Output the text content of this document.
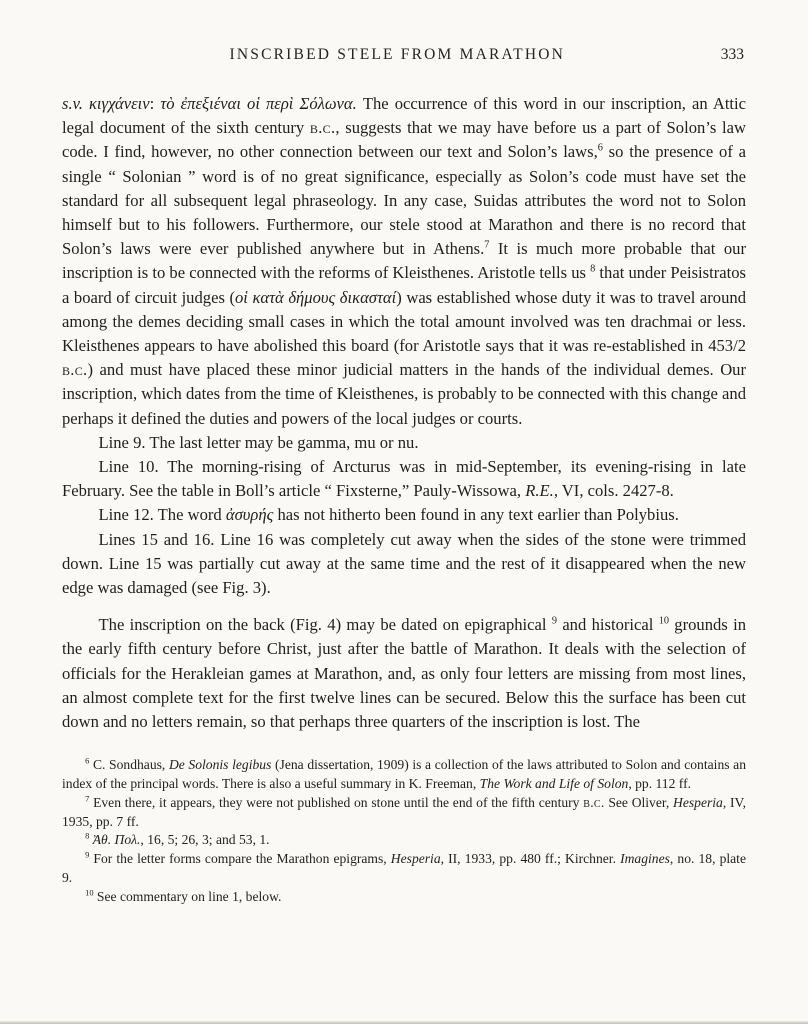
INSCRIBED STELE FROM MARATHON	333

s.v. κιγχάνειν: τὸ ἐπεξιέναι οἱ περὶ Σόλωνα. The occurrence of this word in our inscription, an Attic legal document of the sixth century b.c., suggests that we may have before us a part of Solon’s law code. I find, however, no other connection between our text and Solon’s laws,$^6$ so the presence of a single “ Solonian ” word is of no great significance, especially as Solon’s code must have set the standard for all subsequent legal phraseology. In any case, Suidas attributes the word not to Solon himself but to his followers. Furthermore, our stele stood at Marathon and there is no record that Solon’s laws were ever published anywhere but in Athens.$^7$ It is much more probable that our inscription is to be connected with the reforms of Kleisthenes. Aristotle tells us $^8$ that under Peisistratos a board of circuit judges (οἱ κατὰ δήμους δικασταί) was established whose duty it was to travel around among the demes deciding small cases in which the total amount involved was ten drachmai or less. Kleisthenes appears to have abolished this board (for Aristotle says that it was re-established in 453/2 b.c.) and must have placed these minor judicial matters in the hands of the individual demes. Our inscription, which dates from the time of Kleisthenes, is probably to be connected with this change and perhaps it defined the duties and powers of the local judges or courts.

Line 9. The last letter may be gamma, mu or nu.

Line 10. The morning-rising of Arcturus was in mid-September, its evening-rising in late February. See the table in Boll’s article “ Fixsterne,” Pauly-Wissowa, R.E., VI, cols. 2427-8.

Line 12. The word ἀσυρής has not hitherto been found in any text earlier than Polybius.

Lines 15 and 16. Line 16 was completely cut away when the sides of the stone were trimmed down. Line 15 was partially cut away at the same time and the rest of it disappeared when the new edge was damaged (see Fig. 3).

The inscription on the back (Fig. 4) may be dated on epigraphical $^9$ and historical $^{10}$ grounds in the early fifth century before Christ, just after the battle of Marathon. It deals with the selection of officials for the Herakleian games at Marathon, and, as only four letters are missing from most lines, an almost complete text for the first twelve lines can be secured. Below this the surface has been cut down and no letters remain, so that perhaps three quarters of the inscription is lost. The

$^6$ C. Sondhaus, De Solonis legibus (Jena dissertation, 1909) is a collection of the laws attributed to Solon and contains an index of the principal words. There is also a useful summary in K. Freeman, The Work and Life of Solon, pp. 112 ff.

$^7$ Even there, it appears, they were not published on stone until the end of the fifth century b.c. See Oliver, Hesperia, IV, 1935, pp. 7 ff.

$^8$ Ἀθ. Πολ., 16, 5; 26, 3; and 53, 1.

$^9$ For the letter forms compare the Marathon epigrams, Hesperia, II, 1933, pp. 480 ff.; Kirchner. Imagines, no. 18, plate 9.

$^{10}$ See commentary on line 1, below.
